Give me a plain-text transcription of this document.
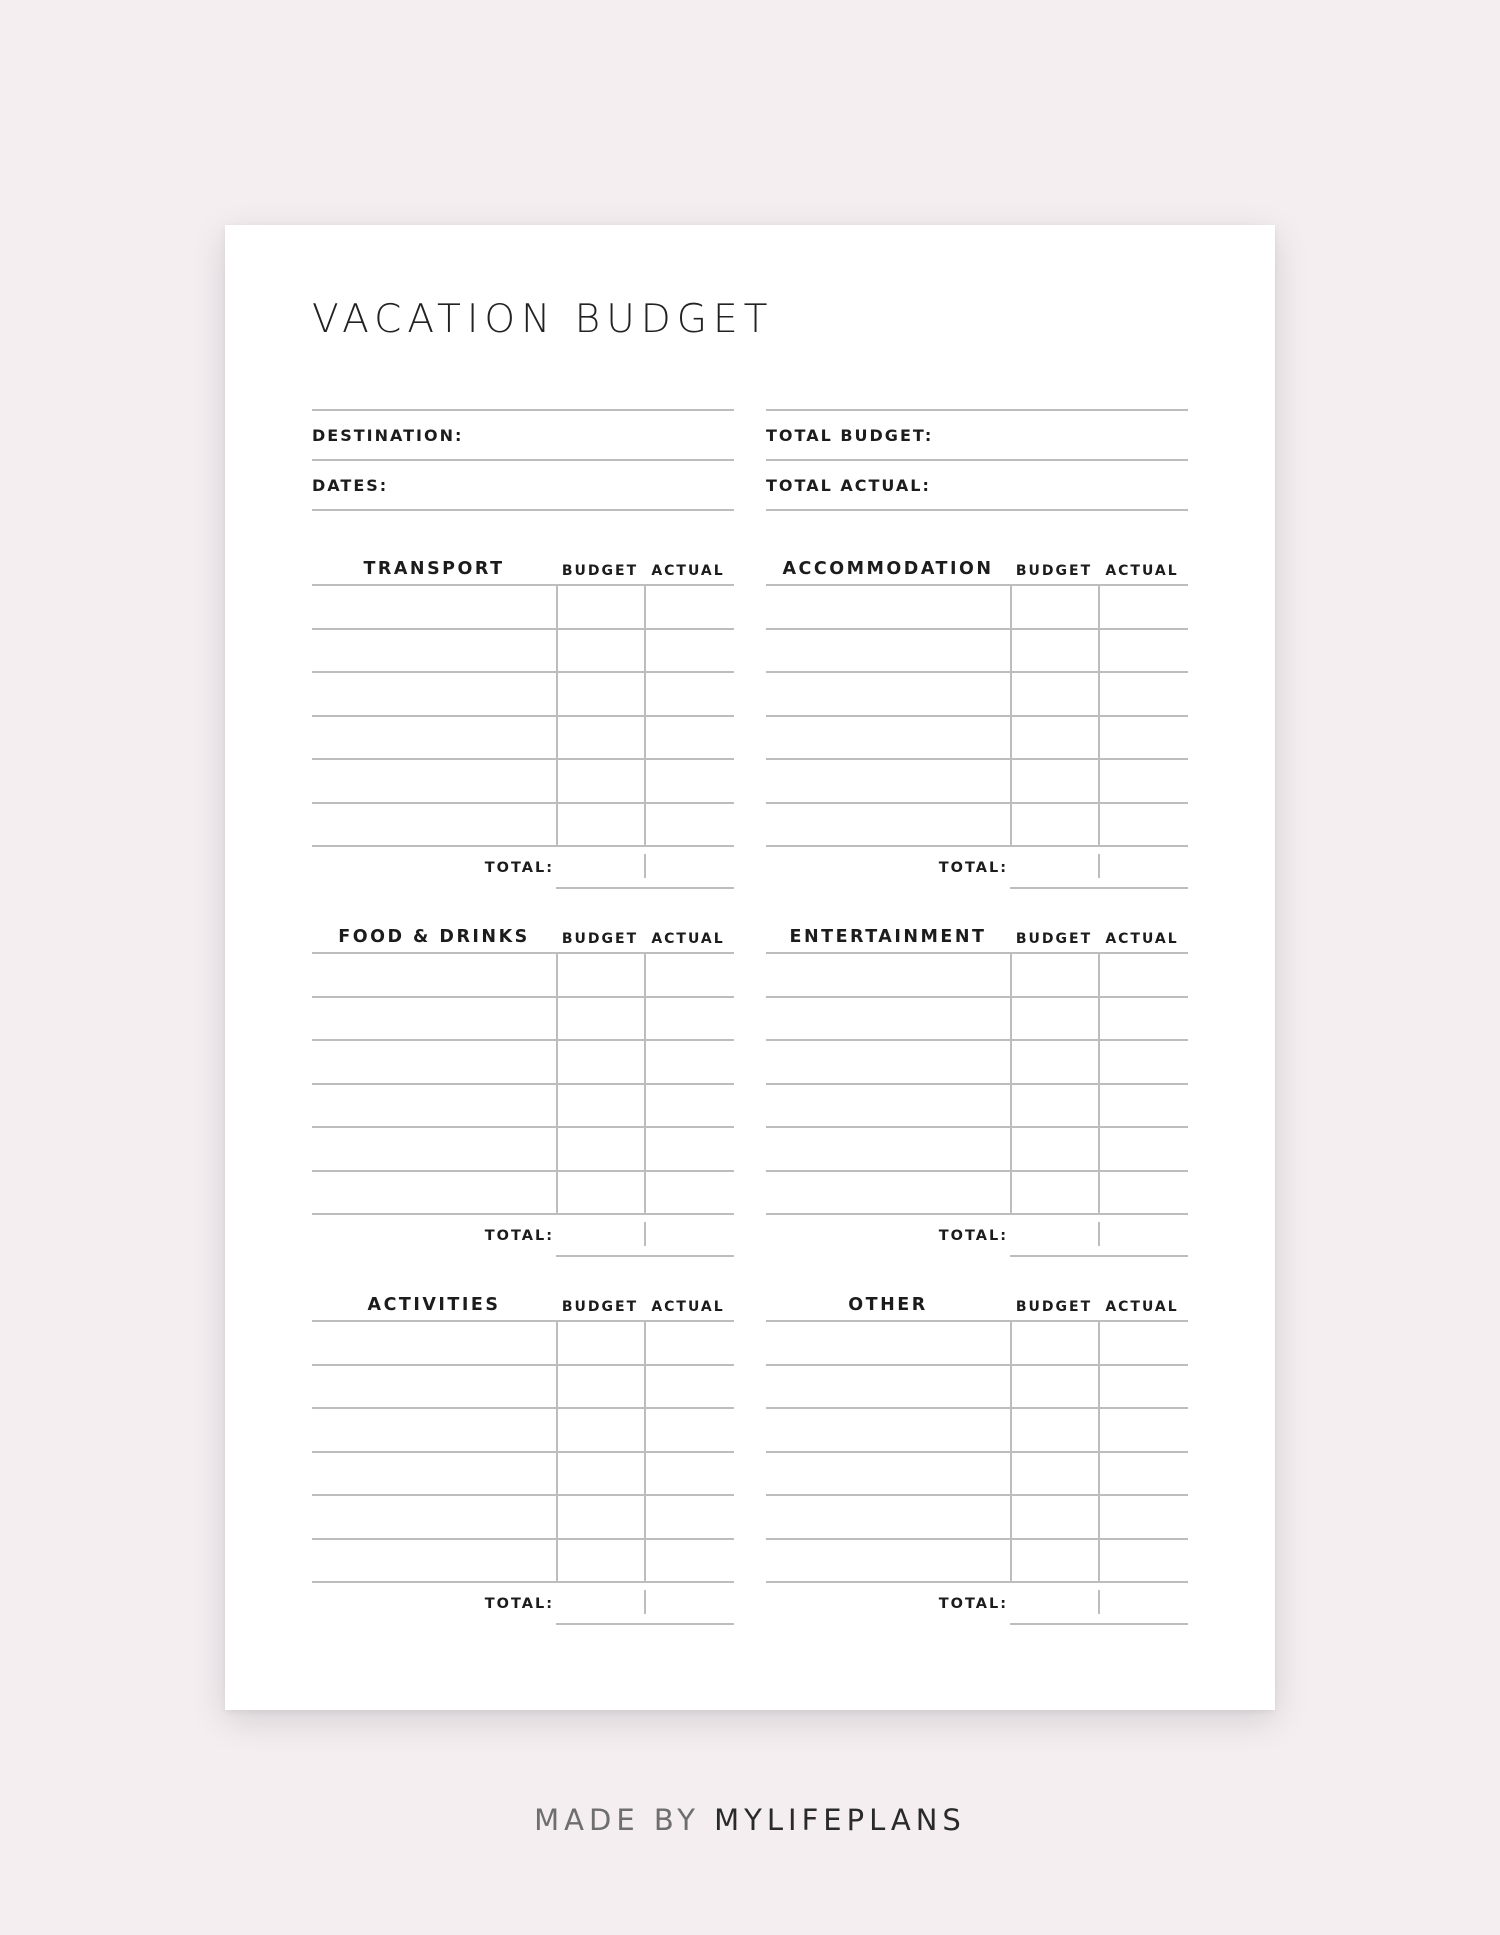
VACATION BUDGET
DESTINATION:
DATES:
TOTAL BUDGET:
TOTAL ACTUAL:
TRANSPORT	BUDGET ACTUAL
TOTAL:
ACCOMMODATION	BUDGET ACTUAL
TOTAL:
FOOD & DRINKS	BUDGET ACTUAL
TOTAL:
ENTERTAINMENT	BUDGET ACTUAL
TOTAL:
ACTIVITIES	BUDGET ACTUAL
TOTAL:
OTHER	BUDGET ACTUAL
TOTAL:
MADE BY MYLIFEPLANS
